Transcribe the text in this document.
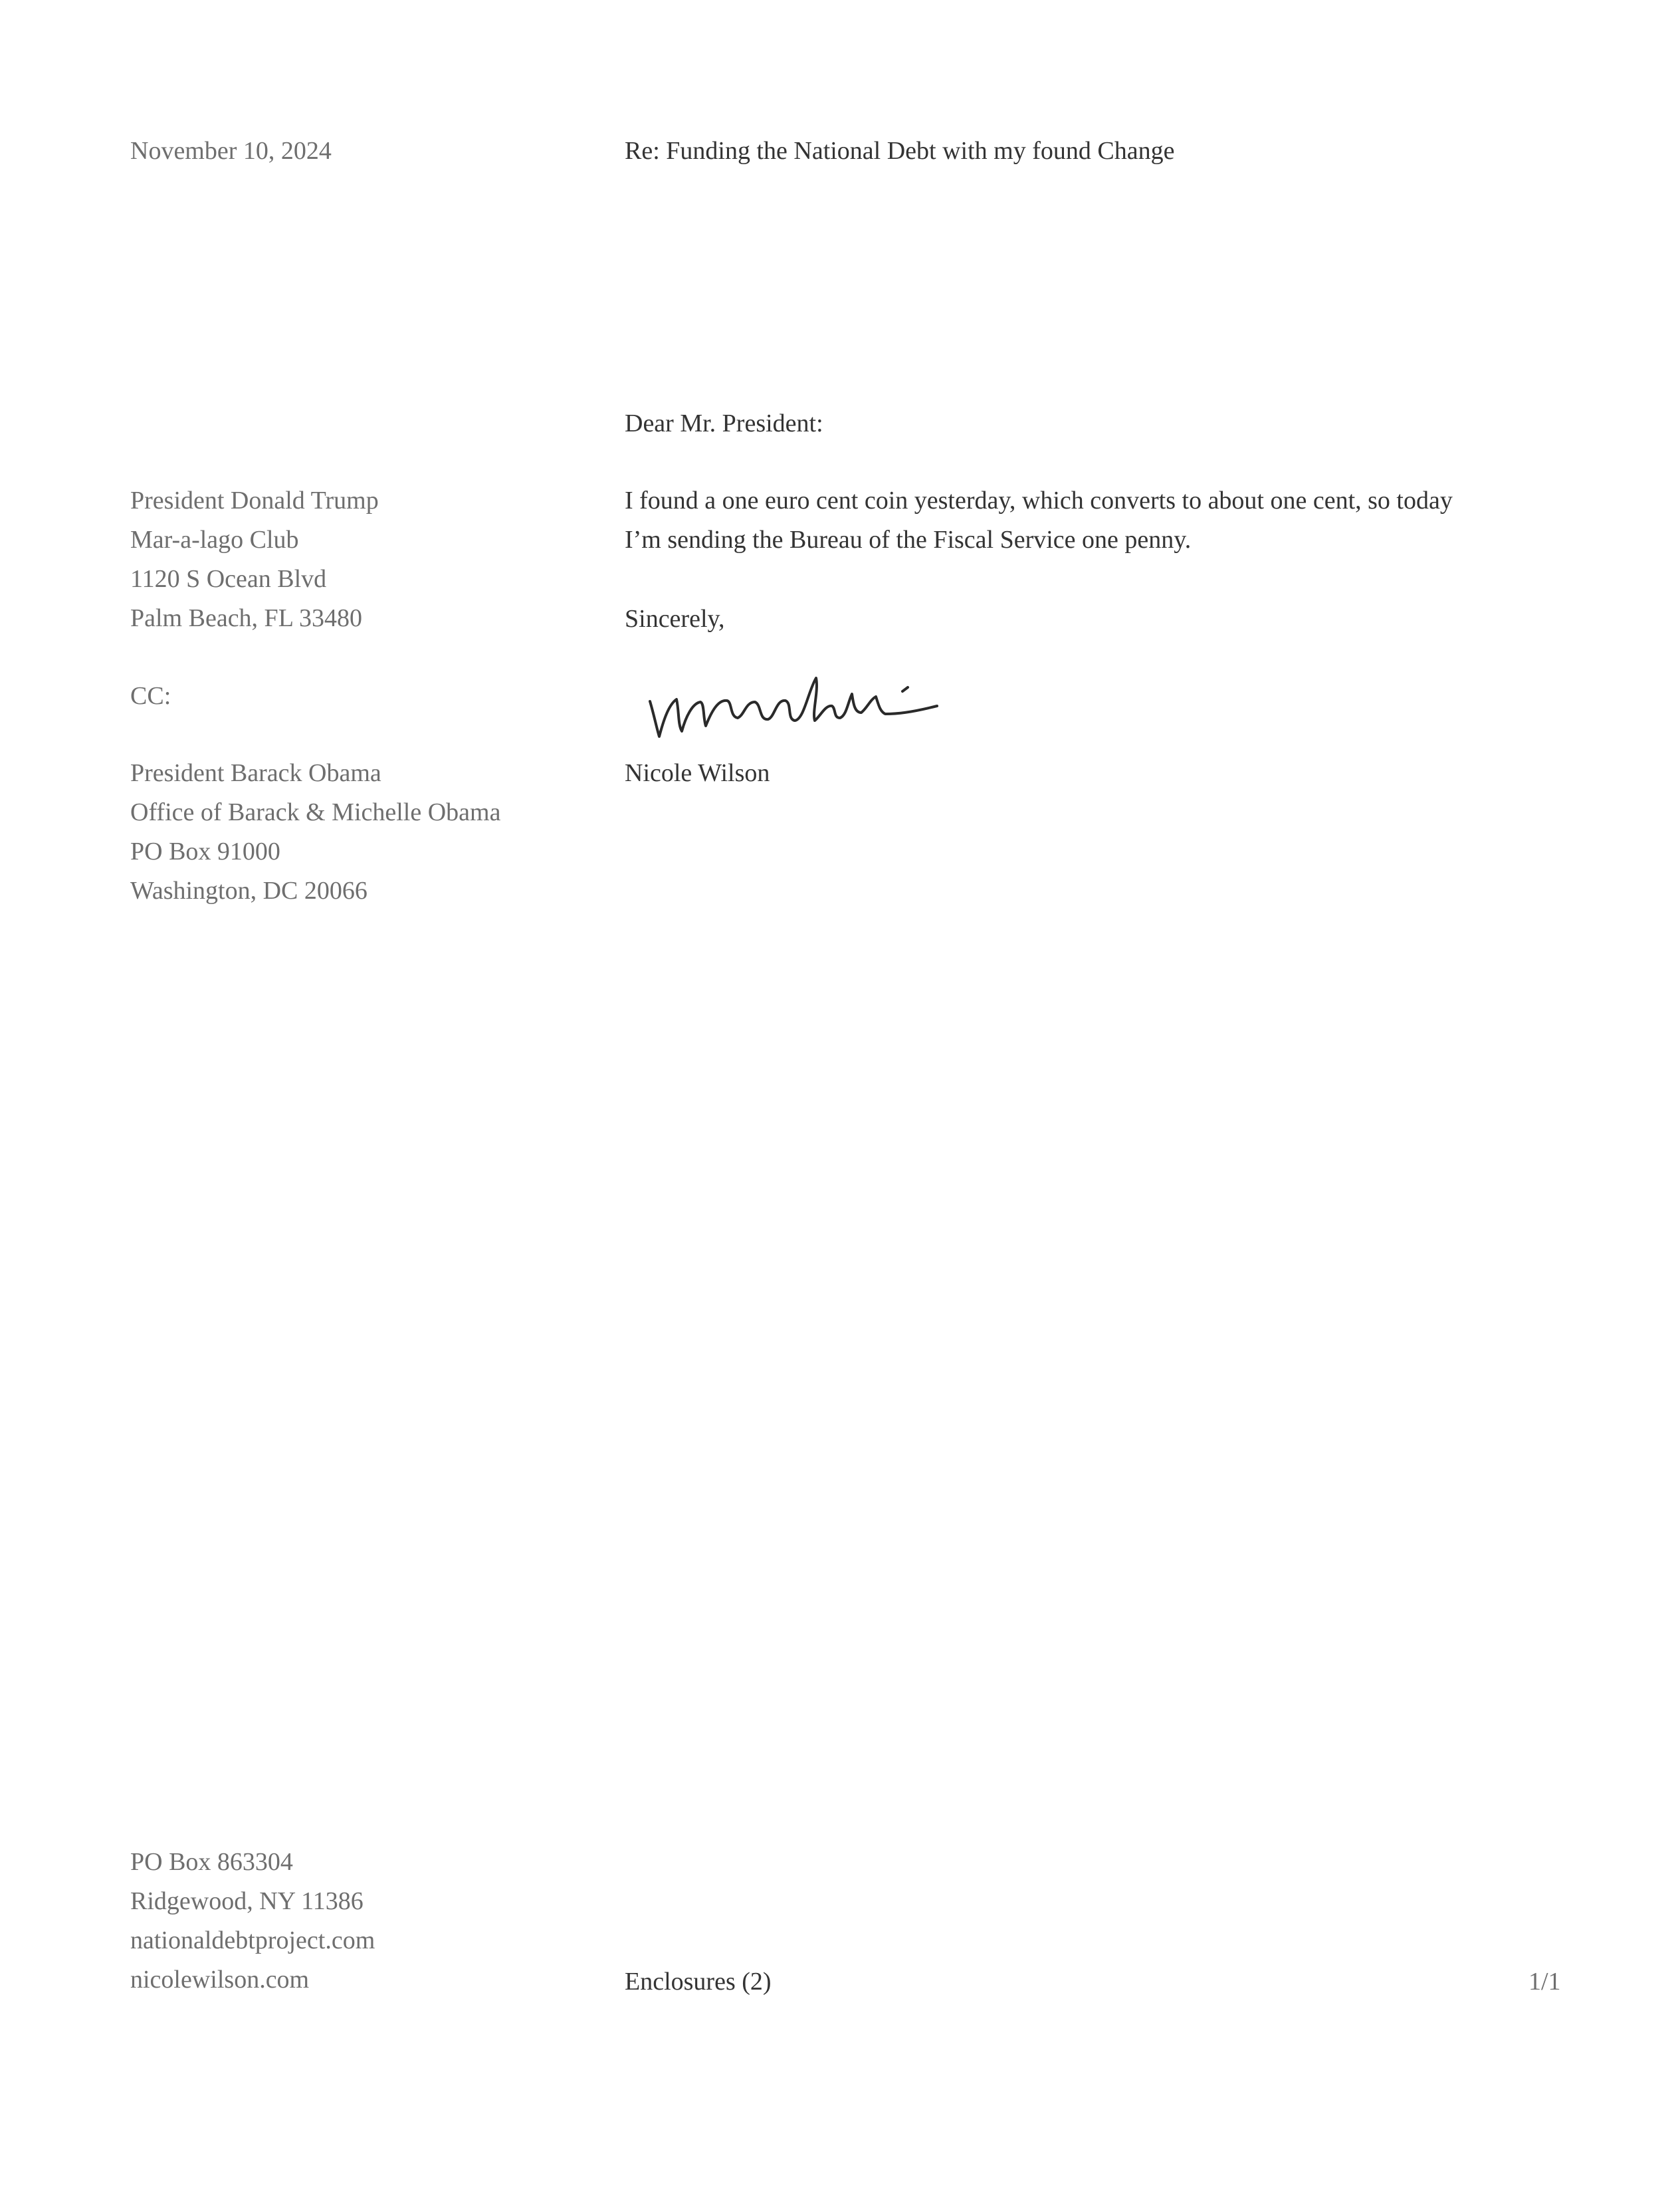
November 10, 2024	Re: Funding the National Debt with my found Change

Dear Mr. President:

President Donald Trump

Mar-a-lago Club

1120 S Ocean Blvd

Palm Beach, FL 33480

I found a one euro cent coin yesterday, which converts to about one cent, so today

I’m sending the Bureau of the Fiscal Service one penny.

Sincerely,

CC:

President Barack Obama

Office of Barack & Michelle Obama

PO Box 91000

Washington, DC 20066

Nicole Wilson

PO Box 863304

Ridgewood, NY 11386

nationaldebtproject.com

nicolewilson.com	Enclosures (2)	1/1
